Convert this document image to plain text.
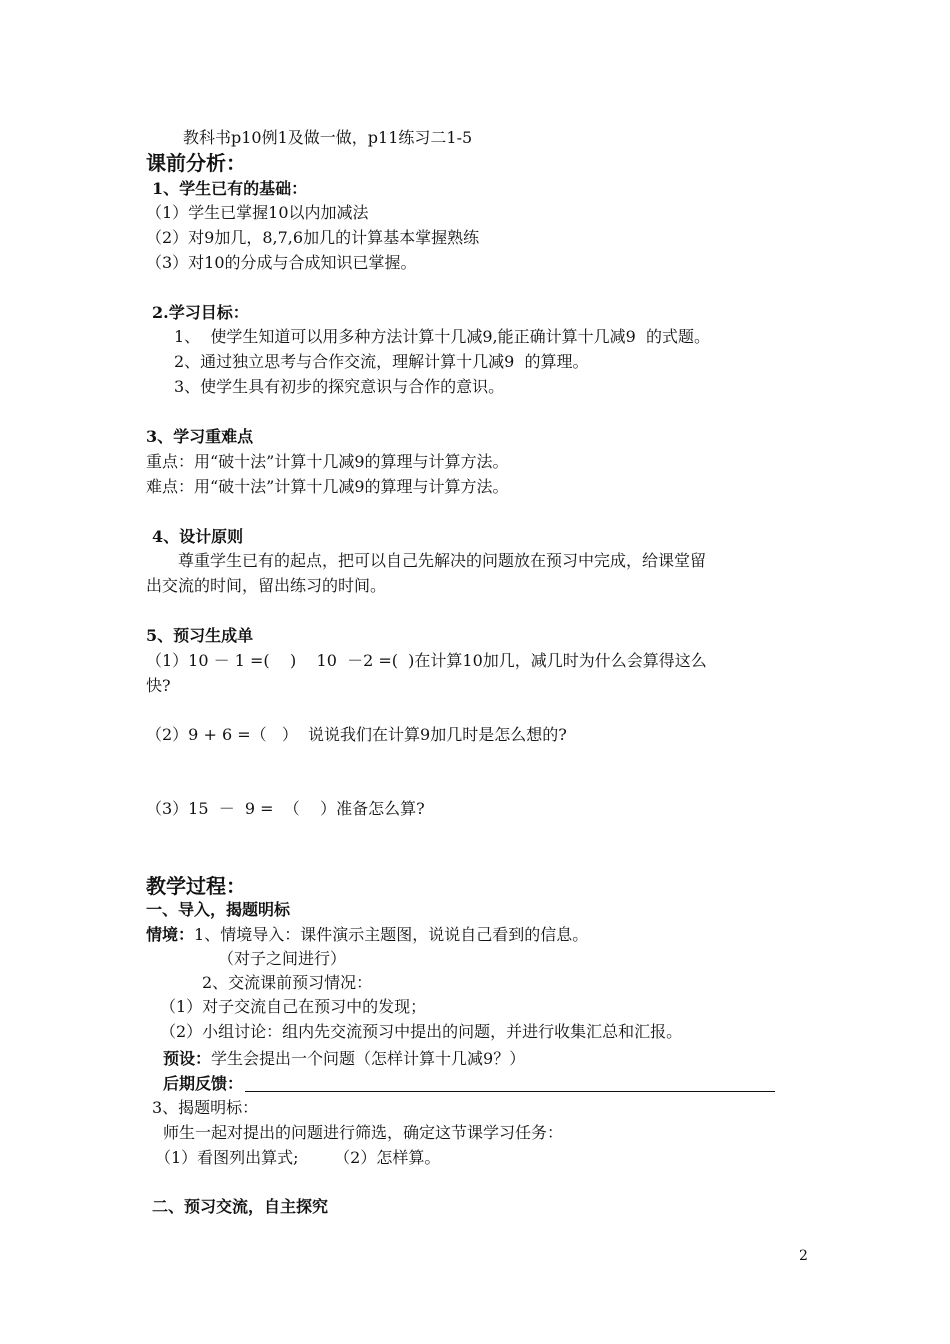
教科书p10例1及做一做，p11练习二1-5
课前分析：
1、学生已有的基础：
（1）学生已掌握10以内加减法
（2）对9加几，8,7,6加几的计算基本掌握熟练
（3）对10的分成与合成知识已掌握。
2.学习目标：
1、  使学生知道可以用多种方法计算十几减9,能正确计算十几减9  的式题。
2、通过独立思考与合作交流，理解计算十几减9  的算理。
3、使学生具有初步的探究意识与合作的意识。
3、学习重难点
重点：用“破十法”计算十几减9的算理与计算方法。
难点：用“破十法”计算十几减9的算理与计算方法。
4、设计原则
尊重学生已有的起点，把可以自己先解决的问题放在预习中完成，给课堂留
出交流的时间，留出练习的时间。
5、预习生成单
（1）10 － 1 =(    )    10  －2 =(  )在计算10加几，减几时为什么会算得这么
快?
（2）9 + 6 =（   ）  说说我们在计算9加几时是怎么想的?
（3）15  －  9 =  （    ）准备怎么算?
教学过程：
一、导入，揭题明标
情境：1、情境导入：课件演示主题图，说说自己看到的信息。
（对子之间进行）
2、交流课前预习情况：
（1）对子交流自己在预习中的发现；
（2）小组讨论：组内先交流预习中提出的问题，并进行收集汇总和汇报。
预设：学生会提出一个问题（怎样计算十几减9？）
后期反馈：
3、揭题明标：
师生一起对提出的问题进行筛选，确定这节课学习任务：
（1）看图列出算式;       （2）怎样算。
二、预习交流，自主探究
2
